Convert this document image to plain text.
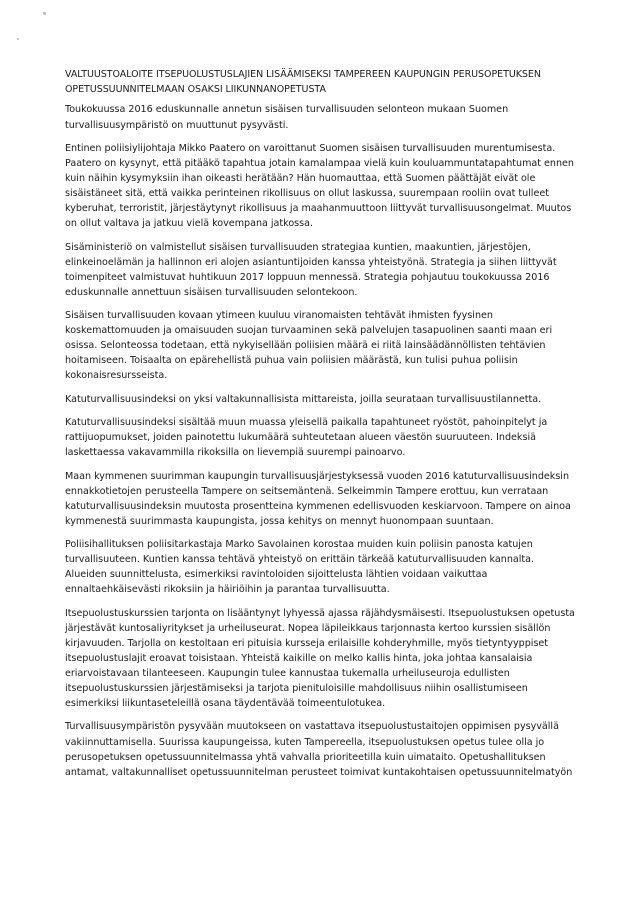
VALTUUSTOALOITE ITSEPUOLUSTUSLAJIEN LISÄÄMISEKSI TAMPEREEN KAUPUNGIN PERUSOPETUKSEN OPETUSSUUNNITELMAAN OSAKSI LIIKUNNANOPETUSTA

Toukokuussa 2016 eduskunnalle annetun sisäisen turvallisuuden selonteon mukaan Suomen turvallisuusympäristö on muuttunut pysyvästi.

Entinen poliisiylijohtaja Mikko Paatero on varoittanut Suomen sisäisen turvallisuuden murentumisesta. Paatero on kysynyt, että pitääkö tapahtua jotain kamalampaa vielä kuin kouluammuntatapahtumat ennen kuin näihin kysymyksiin ihan oikeasti herätään? Hän huomauttaa, että Suomen päättäjät eivät ole sisäistäneet sitä, että vaikka perinteinen rikollisuus on ollut laskussa, suurempaan rooliin ovat tulleet kyberuhat, terroristit, järjestäytynyt rikollisuus ja maahanmuuttoon liittyvät turvallisuusongelmat. Muutos on ollut valtava ja jatkuu vielä kovempana jatkossa.

Sisäministeriö on valmistellut sisäisen turvallisuuden strategiaa kuntien, maakuntien, järjestöjen, elinkeinoelämän ja hallinnon eri alojen asiantuntijoiden kanssa yhteistyönä. Strategia ja siihen liittyvät toimenpiteet valmistuvat huhtikuun 2017 loppuun mennessä. Strategia pohjautuu toukokuussa 2016 eduskunnalle annettuun sisäisen turvallisuuden selontekoon.

Sisäisen turvallisuuden kovaan ytimeen kuuluu viranomaisten tehtävät ihmisten fyysinen koskemattomuuden ja omaisuuden suojan turvaaminen sekä palvelujen tasapuolinen saanti maan eri osissa. Selonteossa todetaan, että nykyisellään poliisien määrä ei riitä lainsäädännöllisten tehtävien hoitamiseen. Toisaalta on epärehellistä puhua vain poliisien määrästä, kun tulisi puhua poliisin kokonaisresursseista.

Katuturvallisuusindeksi on yksi valtakunnallisista mittareista, joilla seurataan turvallisuustilannetta.

Katuturvallisuusindeksi sisältää muun muassa yleisellä paikalla tapahtuneet ryöstöt, pahoinpitelyt ja rattijuopumukset, joiden painotettu lukumäärä suhteutetaan alueen väestön suuruuteen. Indeksiä laskettaessa vakavammilla rikoksilla on lievempiä suurempi painoarvo.

Maan kymmenen suurimman kaupungin turvallisuusjärjestyksessä vuoden 2016 katuturvallisuusindeksin ennakkotietojen perusteella Tampere on seitsemäntenä. Selkeimmin Tampere erottuu, kun verrataan katuturvallisuusindeksin muutosta prosentteina kymmenen edellisvuoden keskiarvoon. Tampere on ainoa kymmenestä suurimmasta kaupungista, jossa kehitys on mennyt huonompaan suuntaan.

Poliisihallituksen poliisitarkastaja Marko Savolainen korostaa muiden kuin poliisin panosta katujen turvallisuuteen. Kuntien kanssa tehtävä yhteistyö on erittäin tärkeää katuturvallisuuden kannalta. Alueiden suunnittelusta, esimerkiksi ravintoloiden sijoittelusta lähtien voidaan vaikuttaa ennaltaehkäisevästi rikoksiin ja häiriöihin ja parantaa turvallisuutta.

Itsepuolustuskurssien tarjonta on lisääntynyt lyhyessä ajassa räjähdysmäisesti. Itsepuolustuksen opetusta järjestävät kuntosaliyritykset ja urheiluseurat. Nopea läpileikkaus tarjonnasta kertoo kurssien sisällön kirjavuuden. Tarjolla on kestoltaan eri pituisia kursseja erilaisille kohderyhmille, myös tietyntyyppiset itsepuolustuslajit eroavat toisistaan. Yhteistä kaikille on melko kallis hinta, joka johtaa kansalaisia eriarvoistavaan tilanteeseen. Kaupungin tulee kannustaa tukemalla urheiluseuroja edullisten itsepuolustuskurssien järjestämiseksi ja tarjota pienituloisille mahdollisuus niihin osallistumiseen esimerkiksi liikuntaseteleillä osana täydentävää toimeentulotukea.

Turvallisuusympäristön pysyvään muutokseen on vastattava itsepuolustustaitojen oppimisen pysyvällä vakiinnuttamisella. Suurissa kaupungeissa, kuten Tampereella, itsepuolustuksen opetus tulee olla jo perusopetuksen opetussuunnitelmassa yhtä vahvalla prioriteetilla kuin uimataito. Opetushallituksen antamat, valtakunnalliset opetussuunnitelman perusteet toimivat kuntakohtaisen opetussuunnitelmatyön
